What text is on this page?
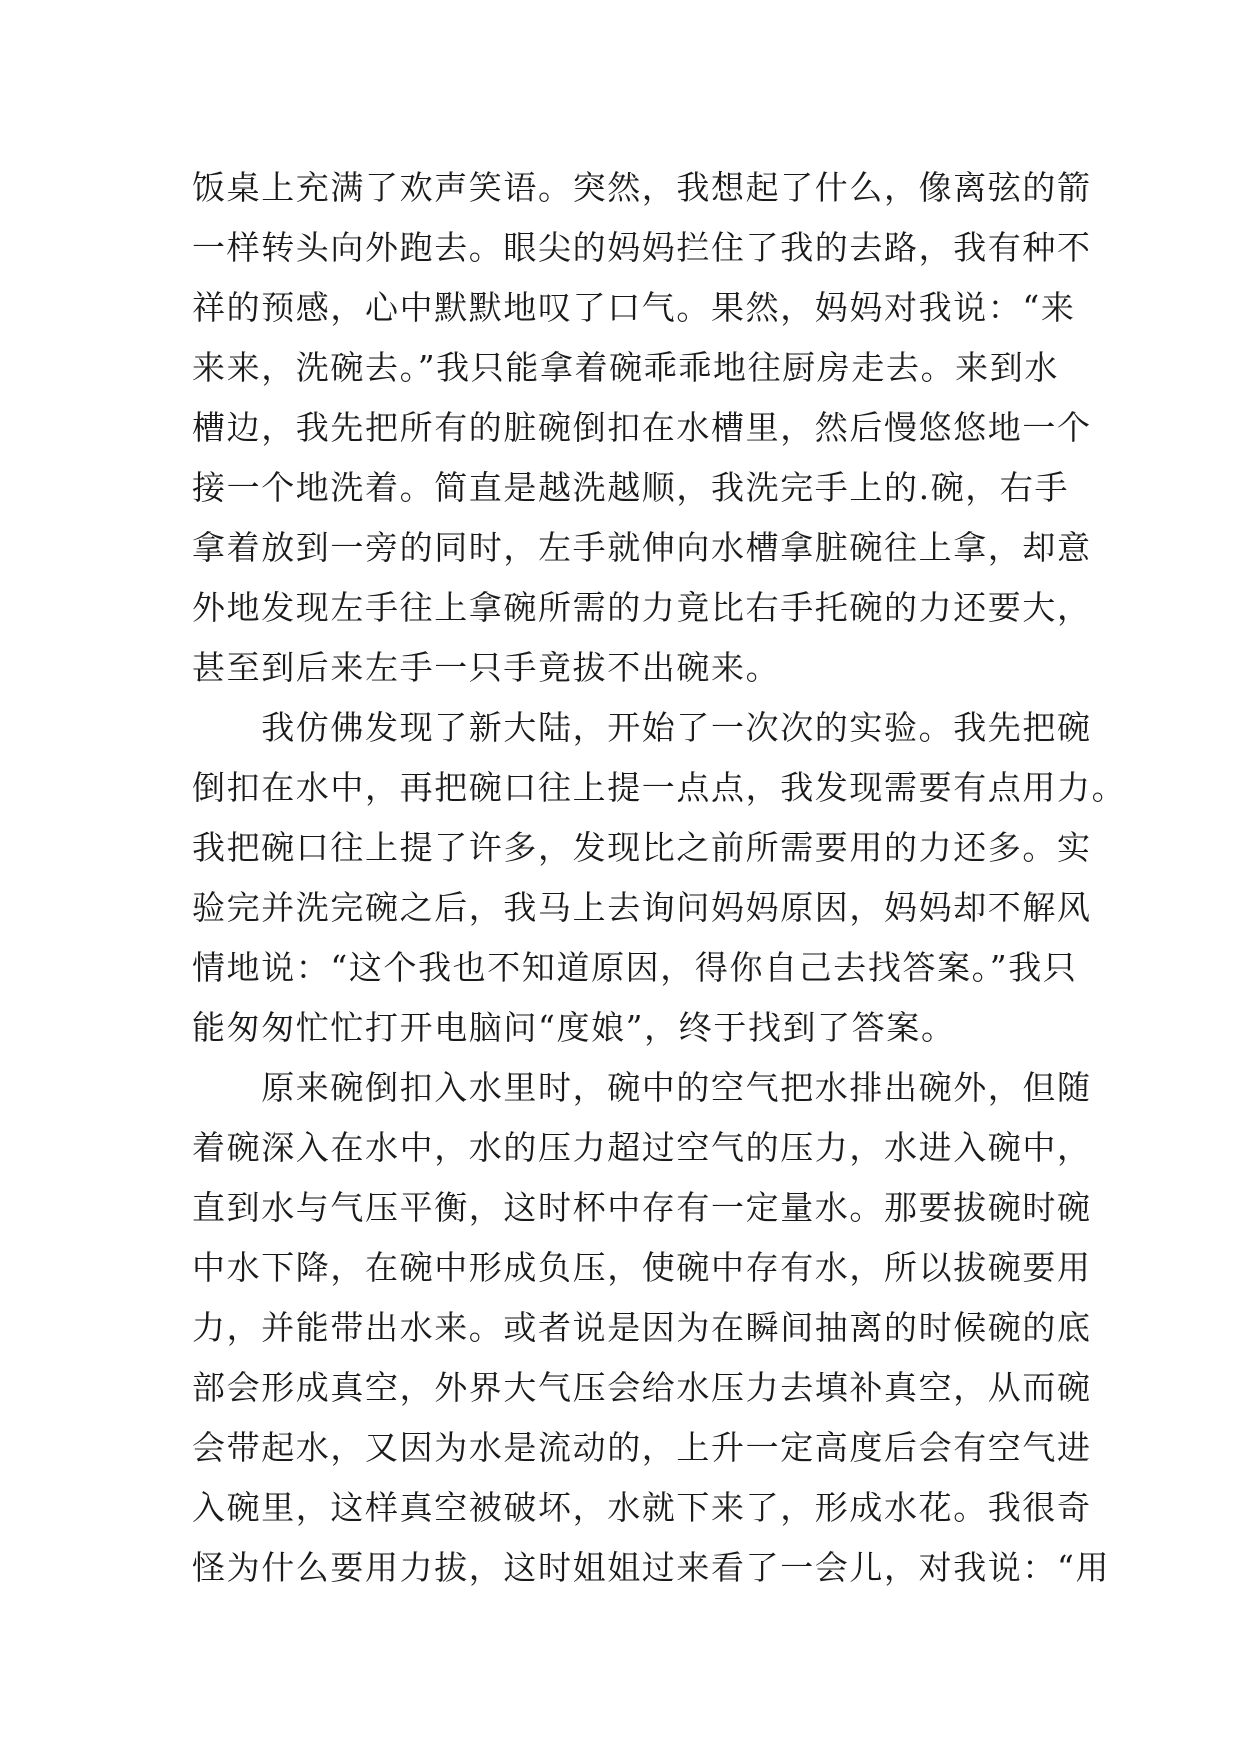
饭桌上充满了欢声笑语。突然，我想起了什么，像离弦的箭
一样转头向外跑去。眼尖的妈妈拦住了我的去路，我有种不
祥的预感，心中默默地叹了口气。果然，妈妈对我说：“来
来来，洗碗去。”我只能拿着碗乖乖地往厨房走去。来到水
槽边，我先把所有的脏碗倒扣在水槽里，然后慢悠悠地一个
接一个地洗着。简直是越洗越顺，我洗完手上的.碗，右手
拿着放到一旁的同时，左手就伸向水槽拿脏碗往上拿，却意
外地发现左手往上拿碗所需的力竟比右手托碗的力还要大，
甚至到后来左手一只手竟拔不出碗来。
　　我仿佛发现了新大陆，开始了一次次的实验。我先把碗
倒扣在水中，再把碗口往上提一点点，我发现需要有点用力。
我把碗口往上提了许多，发现比之前所需要用的力还多。实
验完并洗完碗之后，我马上去询问妈妈原因，妈妈却不解风
情地说：“这个我也不知道原因，得你自己去找答案。”我只
能匆匆忙忙打开电脑问“度娘”，终于找到了答案。
　　原来碗倒扣入水里时，碗中的空气把水排出碗外，但随
着碗深入在水中，水的压力超过空气的压力，水进入碗中，
直到水与气压平衡，这时杯中存有一定量水。那要拔碗时碗
中水下降，在碗中形成负压，使碗中存有水，所以拔碗要用
力，并能带出水来。或者说是因为在瞬间抽离的时候碗的底
部会形成真空，外界大气压会给水压力去填补真空，从而碗
会带起水，又因为水是流动的，上升一定高度后会有空气进
入碗里，这样真空被破坏，水就下来了，形成水花。我很奇
怪为什么要用力拔，这时姐姐过来看了一会儿，对我说：“用
